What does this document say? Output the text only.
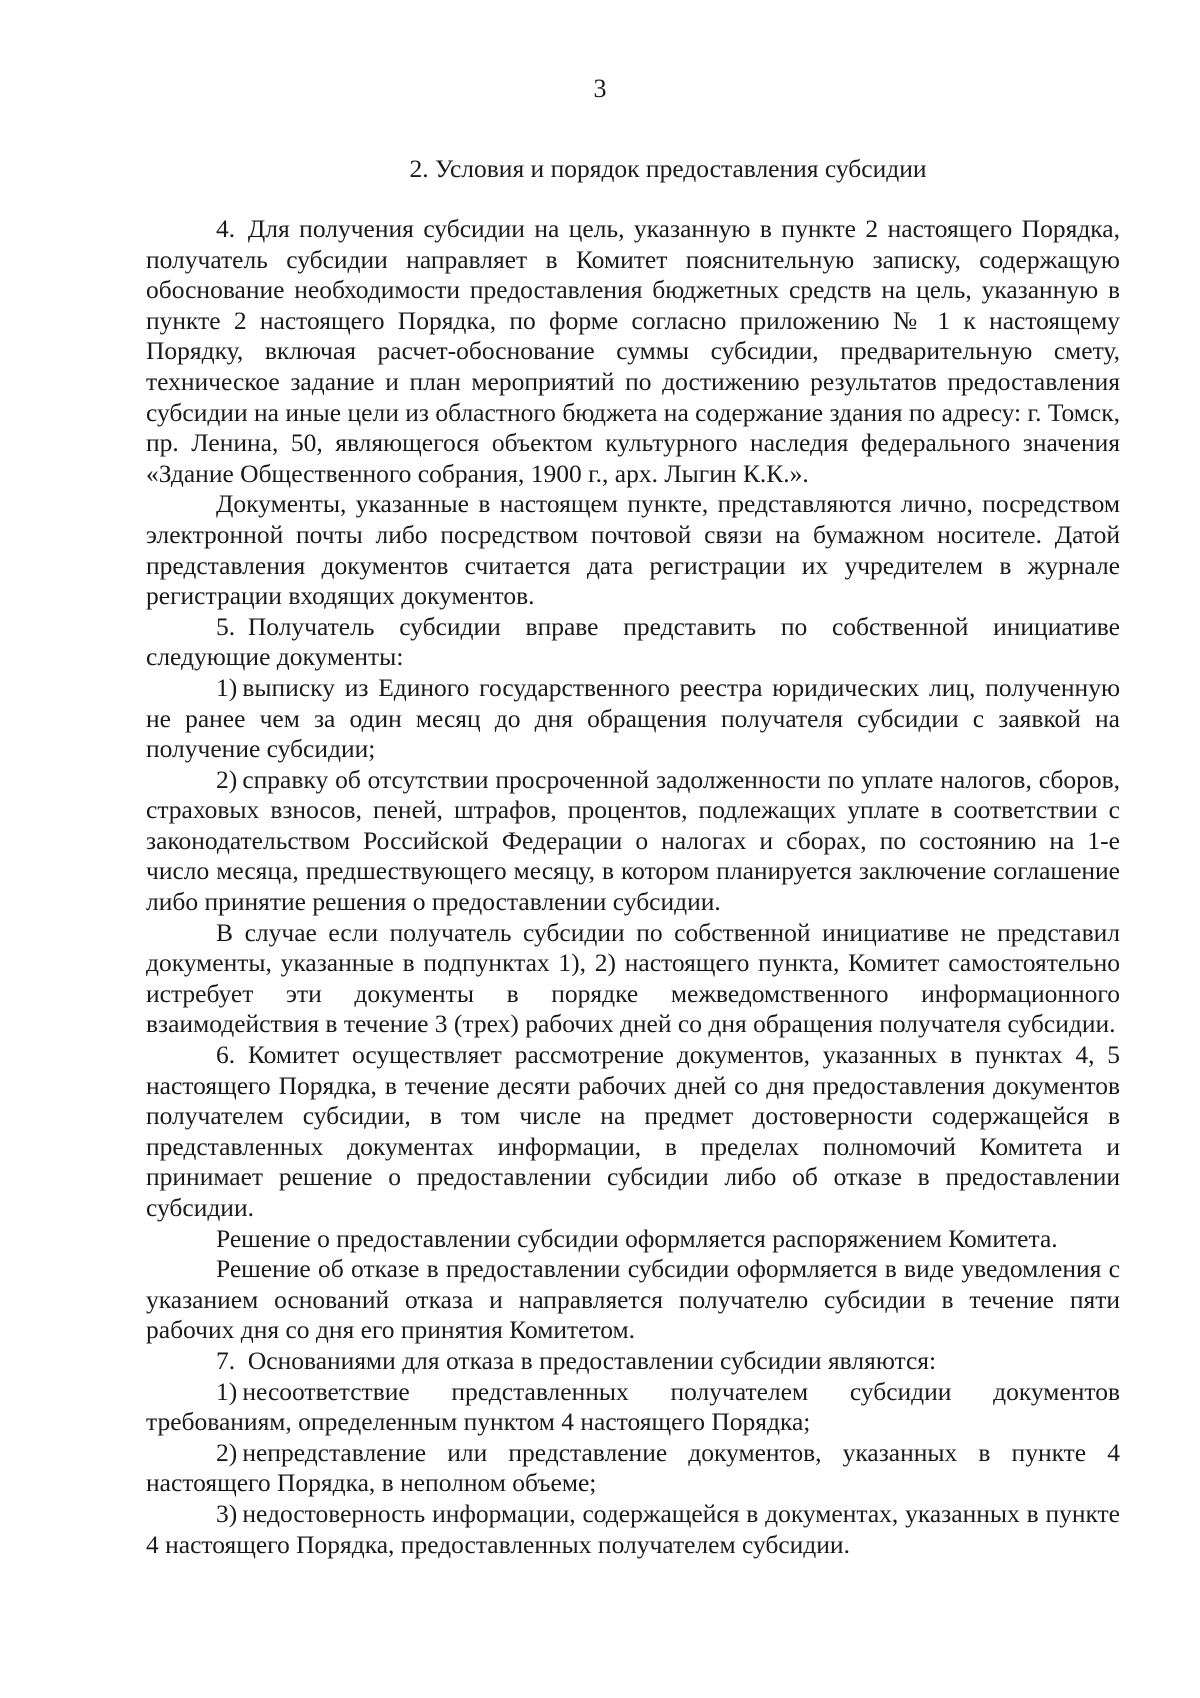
3
2. Условия и порядок предоставления субсидии

4. Для получения субсидии на цель, указанную в пункте 2 настоящего Порядка, получатель субсидии направляет в Комитет пояснительную записку, содержащую обоснование необходимости предоставления бюджетных средств на цель, указанную в пункте 2 настоящего Порядка, по форме согласно приложению № 1 к настоящему Порядку, включая расчет-обоснование суммы субсидии, предварительную смету, техническое задание и план мероприятий по достижению результатов предоставления субсидии на иные цели из областного бюджета на содержание здания по адресу: г. Томск, пр. Ленина, 50, являющегося объектом культурного наследия федерального значения «Здание Общественного собрания, 1900 г., арх. Лыгин К.К.».

Документы, указанные в настоящем пункте, представляются лично, посредством электронной почты либо посредством почтовой связи на бумажном носителе. Датой представления документов считается дата регистрации их учредителем в журнале регистрации входящих документов.

5. Получатель субсидии вправе представить по собственной инициативе следующие документы:

1) выписку из Единого государственного реестра юридических лиц, полученную не ранее чем за один месяц до дня обращения получателя субсидии с заявкой на получение субсидии;

2) справку об отсутствии просроченной задолженности по уплате налогов, сборов, страховых взносов, пеней, штрафов, процентов, подлежащих уплате в соответствии с законодательством Российской Федерации о налогах и сборах, по состоянию на 1-е число месяца, предшествующего месяцу, в котором планируется заключение соглашение либо принятие решения о предоставлении субсидии.

В случае если получатель субсидии по собственной инициативе не представил документы, указанные в подпунктах 1), 2) настоящего пункта, Комитет самостоятельно истребует эти документы в порядке межведомственного информационного взаимодействия в течение 3 (трех) рабочих дней со дня обращения получателя субсидии.

6. Комитет осуществляет рассмотрение документов, указанных в пунктах 4, 5 настоящего Порядка, в течение десяти рабочих дней со дня предоставления документов получателем субсидии, в том числе на предмет достоверности содержащейся в представленных документах информации, в пределах полномочий Комитета и принимает решение о предоставлении субсидии либо об отказе в предоставлении субсидии.

Решение о предоставлении субсидии оформляется распоряжением Комитета.

Решение об отказе в предоставлении субсидии оформляется в виде уведомления с указанием оснований отказа и направляется получателю субсидии в течение пяти рабочих дня со дня его принятия Комитетом.

7. Основаниями для отказа в предоставлении субсидии являются:

1) несоответствие представленных получателем субсидии документов требованиям, определенным пунктом 4 настоящего Порядка;

2) непредставление или представление документов, указанных в пункте 4 настоящего Порядка, в неполном объеме;

3) недостоверность информации, содержащейся в документах, указанных в пункте 4 настоящего Порядка, предоставленных получателем субсидии.
